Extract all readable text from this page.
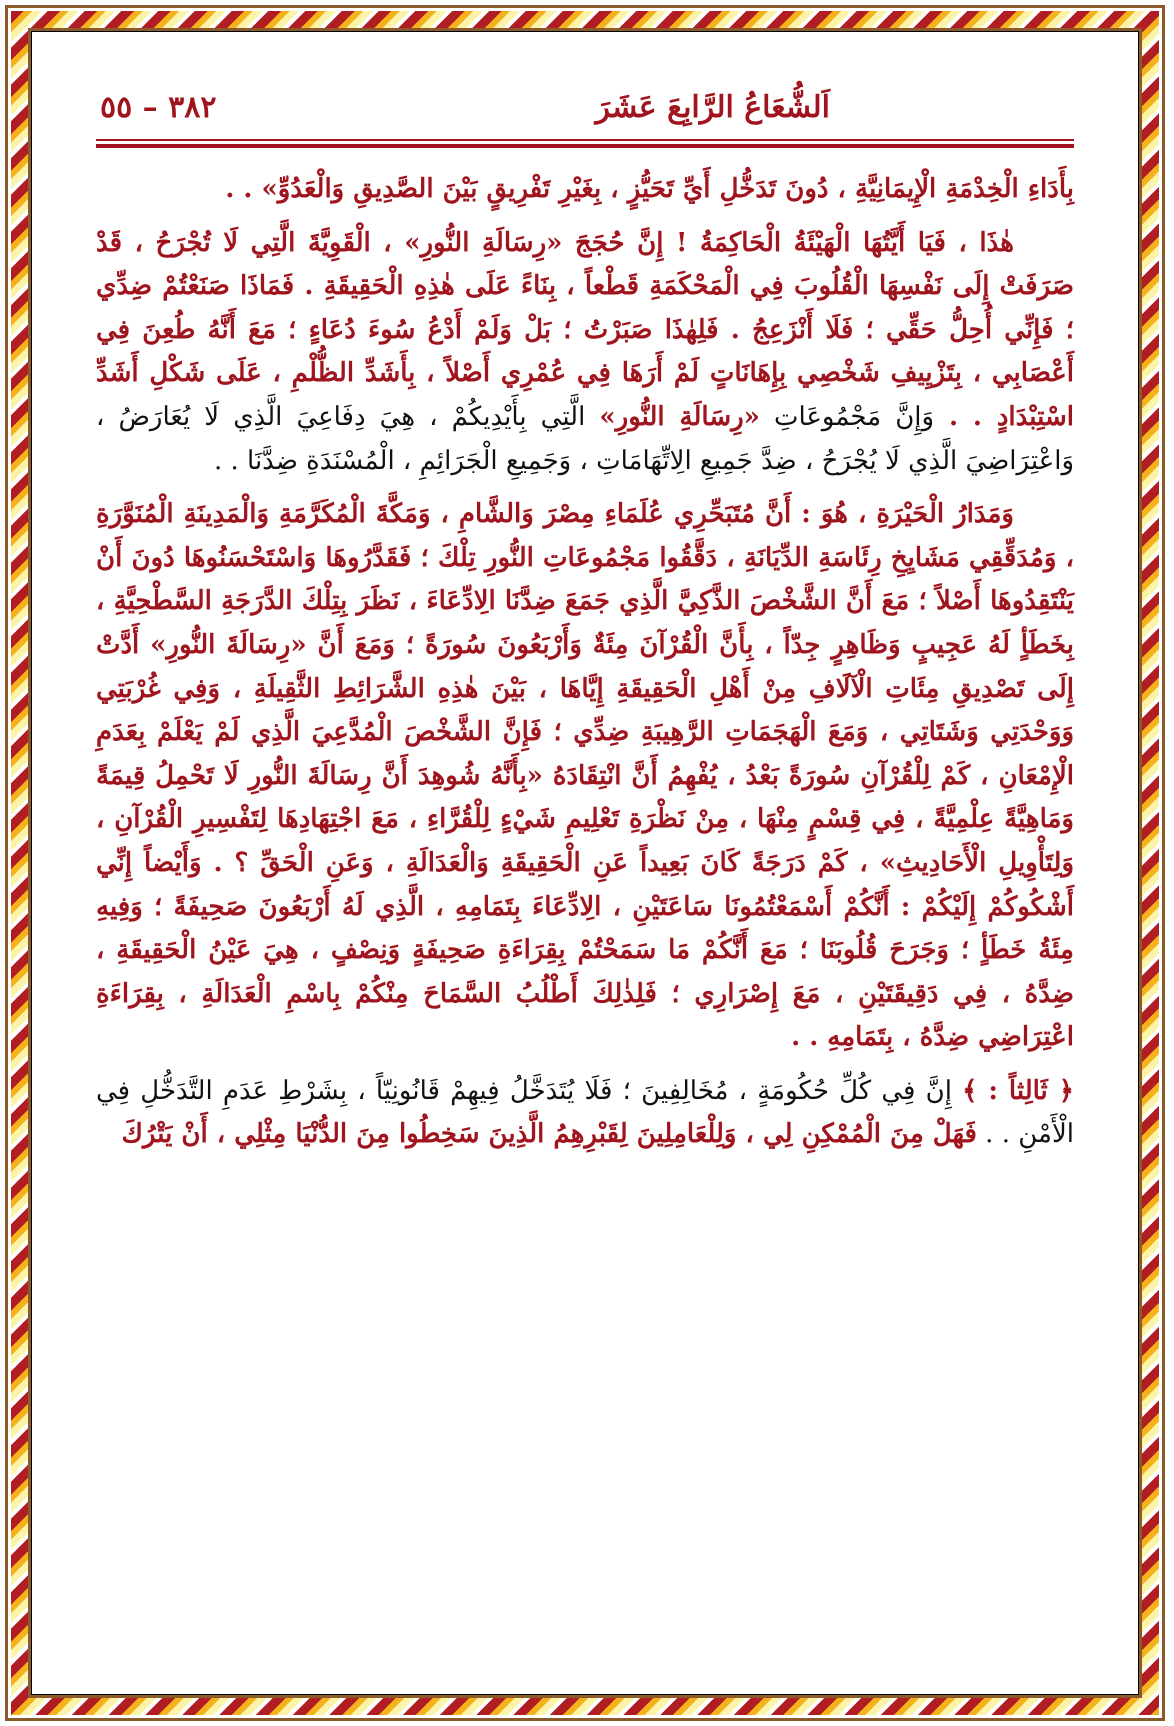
اَلشُّعَاعُ الرَّابِعَ عَشَرَ
٣٨٢ – ٥٥

بِأَدَاءِ الْخِدْمَةِ الْإِيمَانِيَّةِ ، دُونَ تَدَخُّلِ أَيِّ تَحَيُّزٍ ، بِغَيْرِ تَفْرِيقٍ بَيْنَ الصَّدِيقِ وَالْعَدُوِّ» . .

هٰذَا ، فَيَا أَيَّتُهَا الْهَيْئَةُ الْحَاكِمَةُ ! إِنَّ حُجَجَ «رِسَالَةِ النُّورِ» ، الْقَوِيَّةَ الَّتِي لَا تُجْرَحُ ، قَدْ صَرَفَتْ إِلَى نَفْسِهَا الْقُلُوبَ فِي الْمَحْكَمَةِ قَطْعاً ، بِنَاءً عَلَى هٰذِهِ الْحَقِيقَةِ . فَمَاذَا صَنَعْتُمْ ضِدِّي ؛ فَإِنِّي أُحِلُّ حَقِّي ؛ فَلَا أَنْزَعِجُ . فَلِهٰذَا صَبَرْتُ ؛ بَلْ وَلَمْ أَدْعُ سُوءَ دُعَاءٍ ؛ مَعَ أَنَّهُ طُعِنَ فِي أَعْصَابِي ، بِتَزْيِيفِ شَخْصِي بِإِهَانَاتٍ لَمْ أَرَهَا فِي عُمْرِي أَصْلاً ، بِأَشَدِّ الظُّلْمِ ، عَلَى شَكْلِ أَشَدِّ اسْتِبْدَادٍ . . وَإِنَّ مَجْمُوعَاتِ «رِسَالَةِ النُّورِ» الَّتِي بِأَيْدِيكُمْ ، هِيَ دِفَاعِيَ الَّذِي لَا يُعَارَضُ ، وَاعْتِرَاضِيَ الَّذِي لَا يُجْرَحُ ، ضِدَّ جَمِيعِ الِاتِّهَامَاتِ ، وَجَمِيعِ الْجَرَائِمِ ، الْمُسْنَدَةِ ضِدَّنَا . .

وَمَدَارُ الْحَيْرَةِ ، هُوَ : أَنَّ مُتَبَحِّرِي عُلَمَاءِ مِصْرَ وَالشَّامِ ، وَمَكَّةَ الْمُكَرَّمَةِ وَالْمَدِينَةِ الْمُنَوَّرَةِ ، وَمُدَقِّقِي مَشَايِخِ رِئَاسَةِ الدِّيَانَةِ ، دَقَّقُوا مَجْمُوعَاتِ النُّورِ تِلْكَ ؛ فَقَدَّرُوهَا وَاسْتَحْسَنُوهَا دُونَ أَنْ يَنْتَقِدُوهَا أَصْلاً ؛ مَعَ أَنَّ الشَّخْصَ الذَّكِيَّ الَّذِي جَمَعَ ضِدَّنَا الِادِّعَاءَ ، نَظَرَ بِتِلْكَ الدَّرَجَةِ السَّطْحِيَّةِ ، بِخَطَأٍ لَهُ عَجِيبٍ وَظَاهِرٍ جِدّاً ، بِأَنَّ الْقُرْآنَ مِئَةٌ وَأَرْبَعُونَ سُورَةً ؛ وَمَعَ أَنَّ «رِسَالَةَ النُّورِ» أَدَّتْ إِلَى تَصْدِيقِ مِئَاتِ الْآلَافِ مِنْ أَهْلِ الْحَقِيقَةِ إِيَّاهَا ، بَيْنَ هٰذِهِ الشَّرَائِطِ الثَّقِيلَةِ ، وَفِي غُرْبَتِي وَوَحْدَتِي وَشَتَاتِي ، وَمَعَ الْهَجَمَاتِ الرَّهِيبَةِ ضِدِّي ؛ فَإِنَّ الشَّخْصَ الْمُدَّعِيَ الَّذِي لَمْ يَعْلَمْ بِعَدَمِ الْإِمْعَانِ ، كَمْ لِلْقُرْآنِ سُورَةً بَعْدُ ، يُفْهِمُ أَنَّ انْتِقَادَهُ «بِأَنَّهُ شُوهِدَ أَنَّ رِسَالَةَ النُّورِ لَا تَحْمِلُ قِيمَةً وَمَاهِيَّةً عِلْمِيَّةً ، فِي قِسْمٍ مِنْهَا ، مِنْ نَظْرَةِ تَعْلِيمِ شَيْءٍ لِلْقُرَّاءِ ، مَعَ اجْتِهَادِهَا لِتَفْسِيرِ الْقُرْآنِ ، وَلِتَأْوِيلِ الْأَحَادِيثِ» ، كَمْ دَرَجَةً كَانَ بَعِيداً عَنِ الْحَقِيقَةِ وَالْعَدَالَةِ ، وَعَنِ الْحَقِّ ؟ . وَأَيْضاً إِنِّي أَشْكُوكُمْ إِلَيْكُمْ : أَنَّكُمْ أَسْمَعْتُمُونَا سَاعَتَيْنِ ، الِادِّعَاءَ بِتَمَامِهِ ، الَّذِي لَهُ أَرْبَعُونَ صَحِيفَةً ؛ وَفِيهِ مِئَةُ خَطَأٍ ؛ وَجَرَحَ قُلُوبَنَا ؛ مَعَ أَنَّكُمْ مَا سَمَحْتُمْ بِقِرَاءَةِ صَحِيفَةٍ وَنِصْفٍ ، هِيَ عَيْنُ الْحَقِيقَةِ ، ضِدَّهُ ، فِي دَقِيقَتَيْنِ ، مَعَ إِصْرَارِي ؛ فَلِذٰلِكَ أَطْلُبُ السَّمَاحَ مِنْكُمْ بِاسْمِ الْعَدَالَةِ ، بِقِرَاءَةِ اعْتِرَاضِي ضِدَّهُ ، بِتَمَامِهِ . .

﴿ ثَالِثاً : ﴾ إِنَّ فِي كُلِّ حُكُومَةٍ ، مُخَالِفِينَ ؛ فَلَا يُتَدَخَّلُ فِيهِمْ قَانُونِيّاً ، بِشَرْطِ عَدَمِ التَّدَخُّلِ فِي الْأَمْنِ . . فَهَلْ مِنَ الْمُمْكِنِ لِي ، وَلِلْعَامِلِينَ لِقَبْرِهِمُ الَّذِينَ سَخِطُوا مِنَ الدُّنْيَا مِثْلِي ، أَنْ يَتْرُكَ
